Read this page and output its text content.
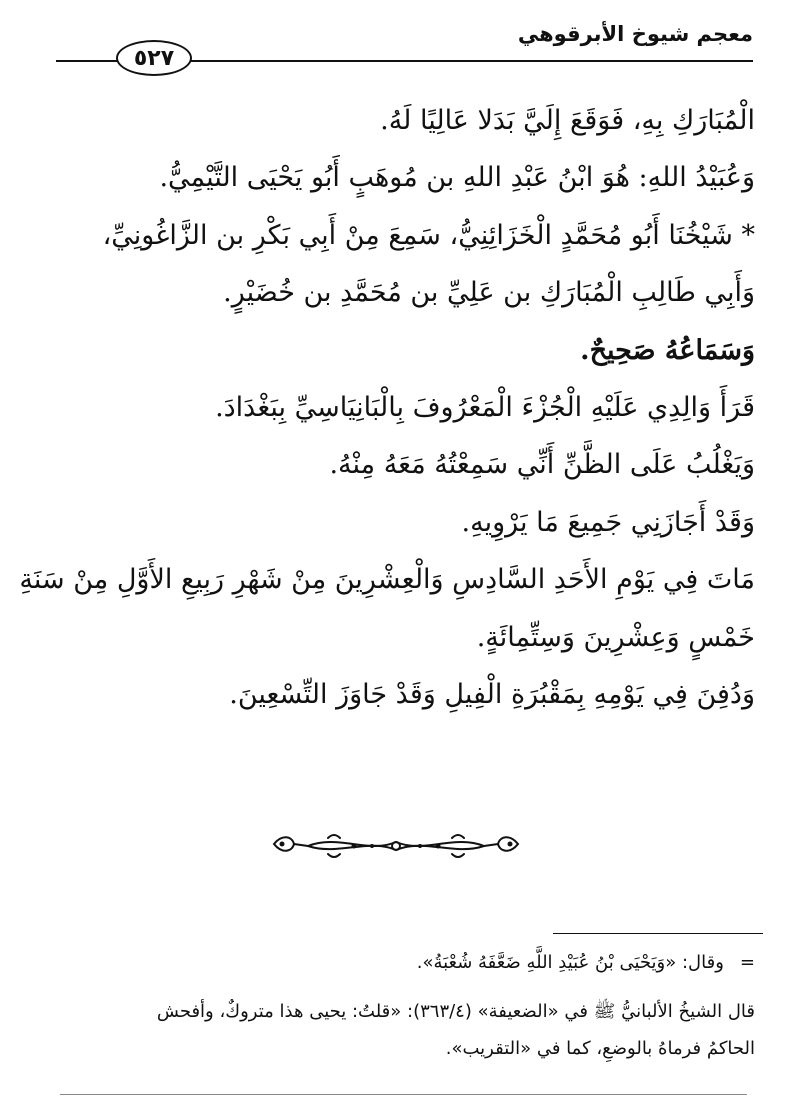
معجم شيوخ الأبرقوهي
٥٢٧

الْمُبَارَكِ بِهِ، فَوَقَعَ إِلَيَّ بَدَلا عَالِيًا لَهُ.

وَعُبَيْدُ اللهِ: هُوَ ابْنُ عَبْدِ اللهِ بن مُوهَبٍ أَبُو يَحْيَى التَّيْمِيُّ.

* شَيْخُنَا أَبُو مُحَمَّدٍ الْخَزَائِنِيُّ، سَمِعَ مِنْ أَبِي بَكْرِ بن الزَّاغُونِيِّ،

وَأَبِي طَالِبِ الْمُبَارَكِ بن عَلِيِّ بن مُحَمَّدِ بن خُضَيْرٍ.

وَسَمَاعُهُ صَحِيحٌ.

قَرَأَ وَالِدِي عَلَيْهِ الْجُزْءَ الْمَعْرُوفَ بِالْبَانِيَاسِيِّ بِبَغْدَادَ.

وَيَغْلُبُ عَلَى الظَّنِّ أَنِّي سَمِعْتُهُ مَعَهُ مِنْهُ.

وَقَدْ أَجَازَنِي جَمِيعَ مَا يَرْوِيهِ.

مَاتَ فِي يَوْمِ الأَحَدِ السَّادِسِ وَالْعِشْرِينَ مِنْ شَهْرِ رَبِيعِ الأَوَّلِ مِنْ سَنَةِ

خَمْسٍ وَعِشْرِينَ وَسِتِّمِائَةٍ.

وَدُفِنَ فِي يَوْمِهِ بِمَقْبُرَةِ الْفِيلِ وَقَدْ جَاوَزَ التِّسْعِينَ.

=وقال: «وَيَحْيَى بْنُ عُبَيْدِ اللَّهِ ضَعَّفَهُ شُعْبَةُ».

قال الشيخُ الألبانيُّ ﷺ في «الضعيفة» (٣٦٣/٤): «قلتُ: يحيى هذا متروكٌ، وأفحش

الحاكمُ فرماهُ بالوضعِ، كما في «التقريب».
